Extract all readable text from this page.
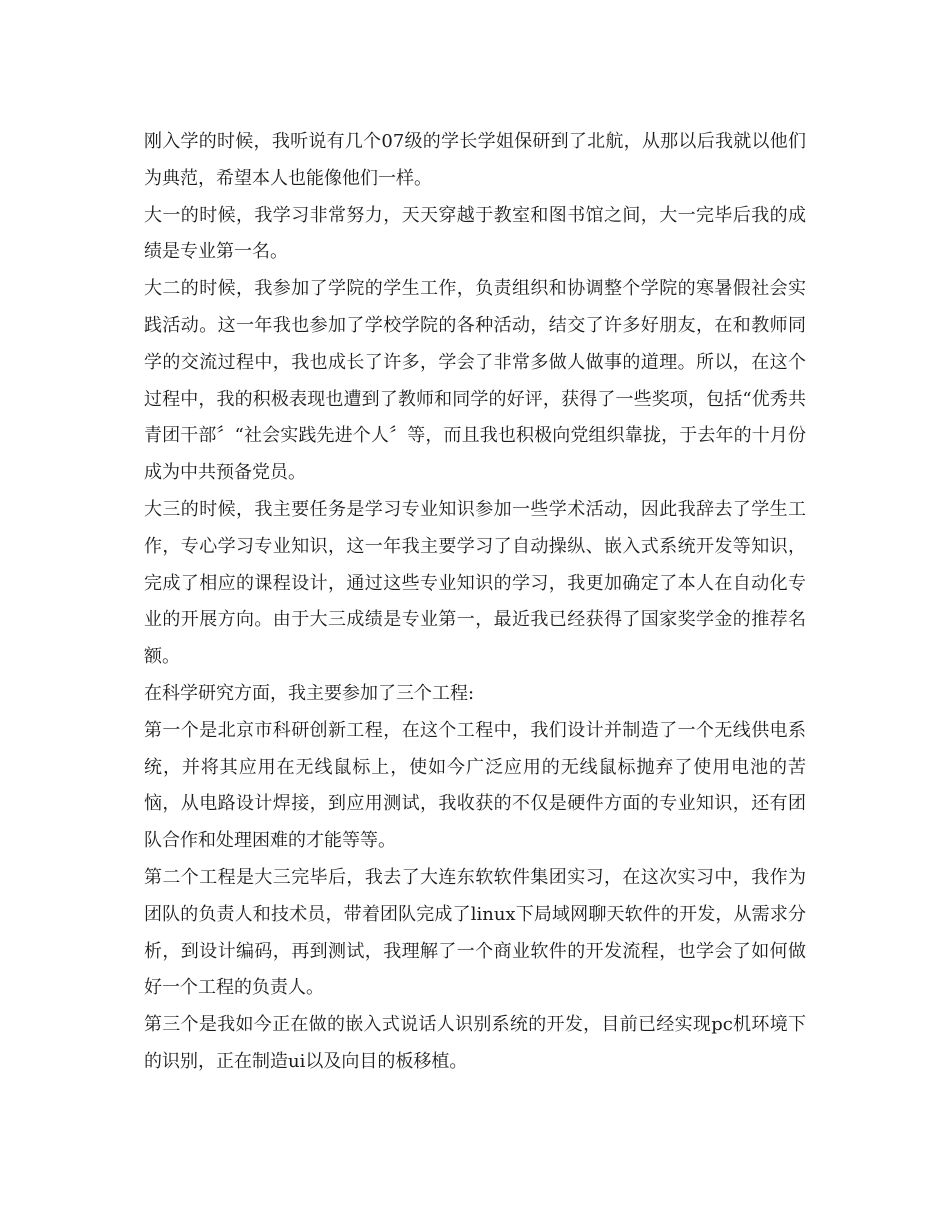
刚入学的时候，我听说有几个07级的学长学姐保研到了北航，从那以后我就以他们为典范，希望本人也能像他们一样。

大一的时候，我学习非常努力，天天穿越于教室和图书馆之间，大一完毕后我的成绩是专业第一名。

大二的时候，我参加了学院的学生工作，负责组织和协调整个学院的寒暑假社会实践活动。这一年我也参加了学校学院的各种活动，结交了许多好朋友，在和教师同学的交流过程中，我也成长了许多，学会了非常多做人做事的道理。所以，在这个过程中，我的积极表现也遭到了教师和同学的好评，获得了一些奖项，包括“优秀共青团干部〞“社会实践先进个人〞等，而且我也积极向党组织靠拢，于去年的十月份成为中共预备党员。

大三的时候，我主要任务是学习专业知识参加一些学术活动，因此我辞去了学生工作，专心学习专业知识，这一年我主要学习了自动操纵、嵌入式系统开发等知识，完成了相应的课程设计，通过这些专业知识的学习，我更加确定了本人在自动化专业的开展方向。由于大三成绩是专业第一，最近我已经获得了国家奖学金的推荐名额。

在科学研究方面，我主要参加了三个工程:

第一个是北京市科研创新工程，在这个工程中，我们设计并制造了一个无线供电系统，并将其应用在无线鼠标上，使如今广泛应用的无线鼠标抛弃了使用电池的苦恼，从电路设计焊接，到应用测试，我收获的不仅是硬件方面的专业知识，还有团队合作和处理困难的才能等等。

第二个工程是大三完毕后，我去了大连东软软件集团实习，在这次实习中，我作为团队的负责人和技术员，带着团队完成了linux下局域网聊天软件的开发，从需求分析，到设计编码，再到测试，我理解了一个商业软件的开发流程，也学会了如何做好一个工程的负责人。

第三个是我如今正在做的嵌入式说话人识别系统的开发，目前已经实现pc机环境下的识别，正在制造ui以及向目的板移植。
